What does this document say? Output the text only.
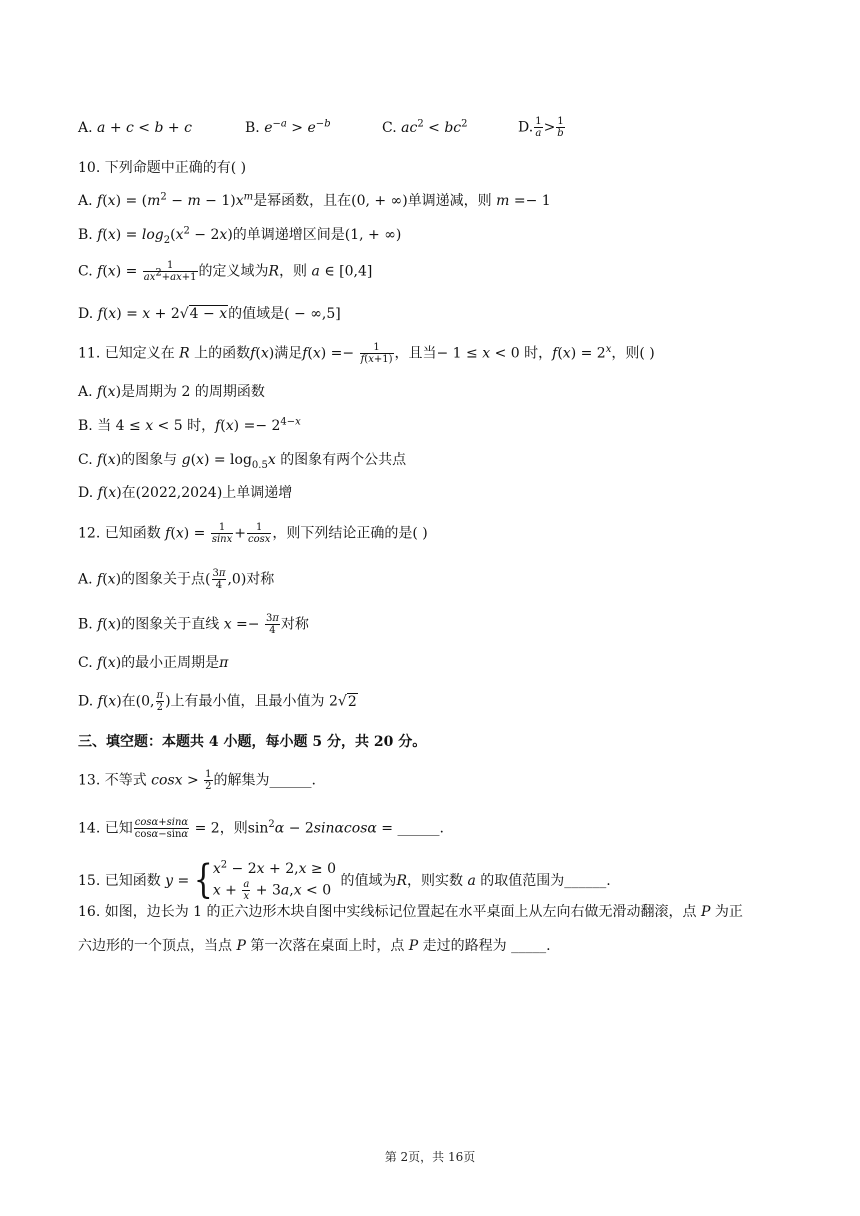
A. a + c < b + c	B. $e^{-a} > e^{-b}$	C. $ac^2 < bc^2$	D. $\frac{1}{a} > \frac{1}{b}$
10. 下列命题中正确的有( )
A. $f(x) = (m^2 - m - 1)x^m$是幂函数，且在(0, + ∞)单调递减，则 m =− 1
B. $f(x) = \log_2(x^2 - 2x)$的单调递增区间是(1, + ∞)
C. $f(x) = \frac{1}{ax^2+ax+1}$ 的定义域为R，则 a ∈ [0,4]
D. f(x) = x + 2√4 − x的值域是( − ∞,5]
11. 已知定义在 R 上的函数f(x)满足$f(x) =- \frac{1}{f(x+1)}$ ，且当− 1 ≤ x < 0 时，$f(x) = 2^x$，则( )
A. f(x)是周期为 2 的周期函数
B. 当 4 ≤ x < 5 时，$f(x) =- 2^{4-x}$
C. f(x)的图象与 $g(x) = \log_{0.5}x$ 的图象有两个公共点
D. f(x)在(2022,2024)上单调递增
12. 已知函数 $f(x) = \frac{1}{\sin x} + \frac{1}{\cos x}$ ，则下列结论正确的是( )
A. f(x)的图象关于点( $\frac{3\pi}{4} ,0$)对称
B. f(x)的图象关于直线 $x =- \frac{3\pi}{4}$ 对称
C. f(x)的最小正周期是π
D. f(x)在(0, $\frac{\pi}{2}$ )上有最小值，且最小值为 2√2
三、填空题：本题共 4 小题，每小题 5 分，共 20 分。
13. 不等式 $\cos x > \frac{1}{2}$ 的解集为______.
14. 已知 $\frac{\cos\alpha+\sin\alpha}{\cos\alpha-\sin\alpha} = 2$，则$\sin^2\alpha - 2\sin\alpha\cos\alpha$ = ______.
15. 已知函数 y = { $x^2 - 2x + 2,x \ge 0$
$x + \frac{a}{x} + 3a,x < 0$
的值域为R，则实数 a 的取值范围为______.
16. 如图，边长为 1 的正六边形木块自图中实线标记位置起在水平桌面上从左向右做无滑动翻滚，点 P 为正
六边形的一个顶点，当点 P 第一次落在桌面上时，点 P 走过的路程为 _____.
第 2页，共 16页
